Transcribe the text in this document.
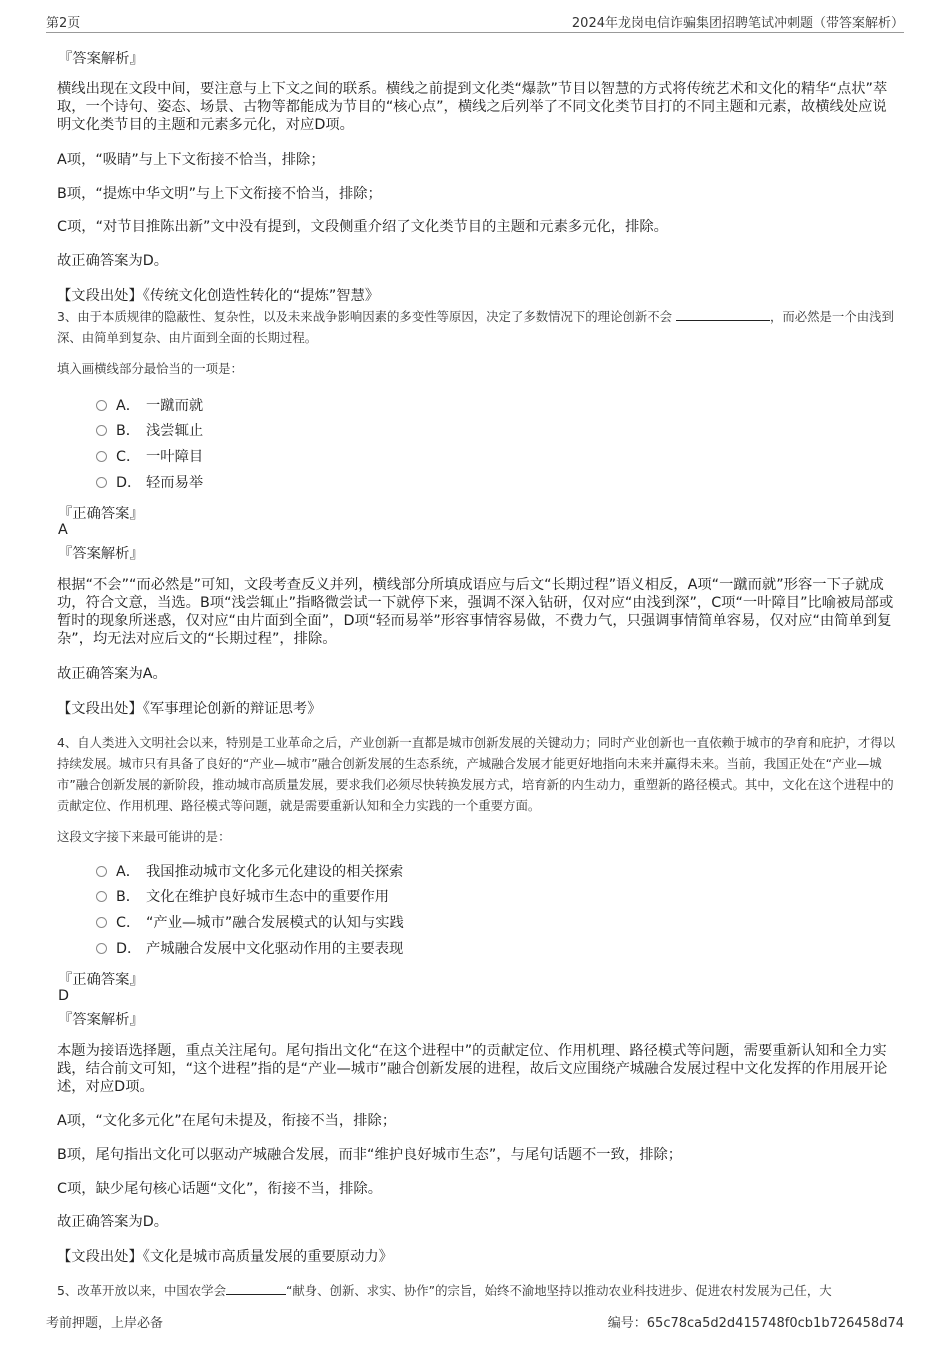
第2页	2024年龙岗电信诈骗集团招聘笔试冲刺题（带答案解析）
『答案解析』
横线出现在文段中间，要注意与上下文之间的联系。横线之前提到文化类“爆款”节目以智慧的方式将传统艺术和文化的精华“点状”萃取，一个诗句、姿态、场景、古物等都能成为节目的“核心点”，横线之后列举了不同文化类节目打的不同主题和元素，故横线处应说明文化类节目的主题和元素多元化，对应D项。
A项，“吸睛”与上下文衔接不恰当，排除；
B项，“提炼中华文明”与上下文衔接不恰当，排除；
C项，“对节目推陈出新”文中没有提到，文段侧重介绍了文化类节目的主题和元素多元化，排除。
故正确答案为D。
【文段出处】《传统文化创造性转化的“提炼”智慧》
3、由于本质规律的隐蔽性、复杂性，以及未来战争影响因素的多变性等原因，决定了多数情况下的理论创新不会	，而必然是一个由浅到深、由简单到复杂、由片面到全面的长期过程。
填入画横线部分最恰当的一项是：
A． 一蹴而就
B． 浅尝辄止
C． 一叶障目
D． 轻而易举
『正确答案』
A
『答案解析』
根据“不会”“而必然是”可知，文段考查反义并列，横线部分所填成语应与后文“长期过程”语义相反，A项“一蹴而就”形容一下子就成功，符合文意，当选。B项“浅尝辄止”指略微尝试一下就停下来，强调不深入钻研，仅对应“由浅到深”，C项“一叶障目”比喻被局部或暂时的现象所迷惑，仅对应“由片面到全面”，D项“轻而易举”形容事情容易做，不费力气，只强调事情简单容易，仅对应“由简单到复杂”，均无法对应后文的“长期过程”，排除。
故正确答案为A。
【文段出处】《军事理论创新的辩证思考》
4、自人类进入文明社会以来，特别是工业革命之后，产业创新一直都是城市创新发展的关键动力；同时产业创新也一直依赖于城市的孕育和庇护，才得以持续发展。城市只有具备了良好的“产业—城市”融合创新发展的生态系统，产城融合发展才能更好地指向未来并赢得未来。当前，我国正处在“产业—城市”融合创新发展的新阶段，推动城市高质量发展，要求我们必须尽快转换发展方式，培育新的内生动力，重塑新的路径模式。其中，文化在这个进程中的贡献定位、作用机理、路径模式等问题，就是需要重新认知和全力实践的一个重要方面。
这段文字接下来最可能讲的是：
A． 我国推动城市文化多元化建设的相关探索
B． 文化在维护良好城市生态中的重要作用
C． “产业—城市”融合发展模式的认知与实践
D． 产城融合发展中文化驱动作用的主要表现
『正确答案』
D
『答案解析』
本题为接语选择题，重点关注尾句。尾句指出文化“在这个进程中”的贡献定位、作用机理、路径模式等问题，需要重新认知和全力实践，结合前文可知，“这个进程”指的是“产业—城市”融合创新发展的进程，故后文应围绕产城融合发展过程中文化发挥的作用展开论述，对应D项。
A项，“文化多元化”在尾句未提及，衔接不当，排除；
B项，尾句指出文化可以驱动产城融合发展，而非“维护良好城市生态”，与尾句话题不一致，排除；
C项，缺少尾句核心话题“文化”，衔接不当，排除。
故正确答案为D。
【文段出处】《文化是城市高质量发展的重要原动力》
5、改革开放以来，中国农学会	“献身、创新、求实、协作”的宗旨，始终不渝地坚持以推动农业科技进步、促进农村发展为己任，大
考前押题，上岸必备	编号：65c78ca5d2d415748f0cb1b726458d74
